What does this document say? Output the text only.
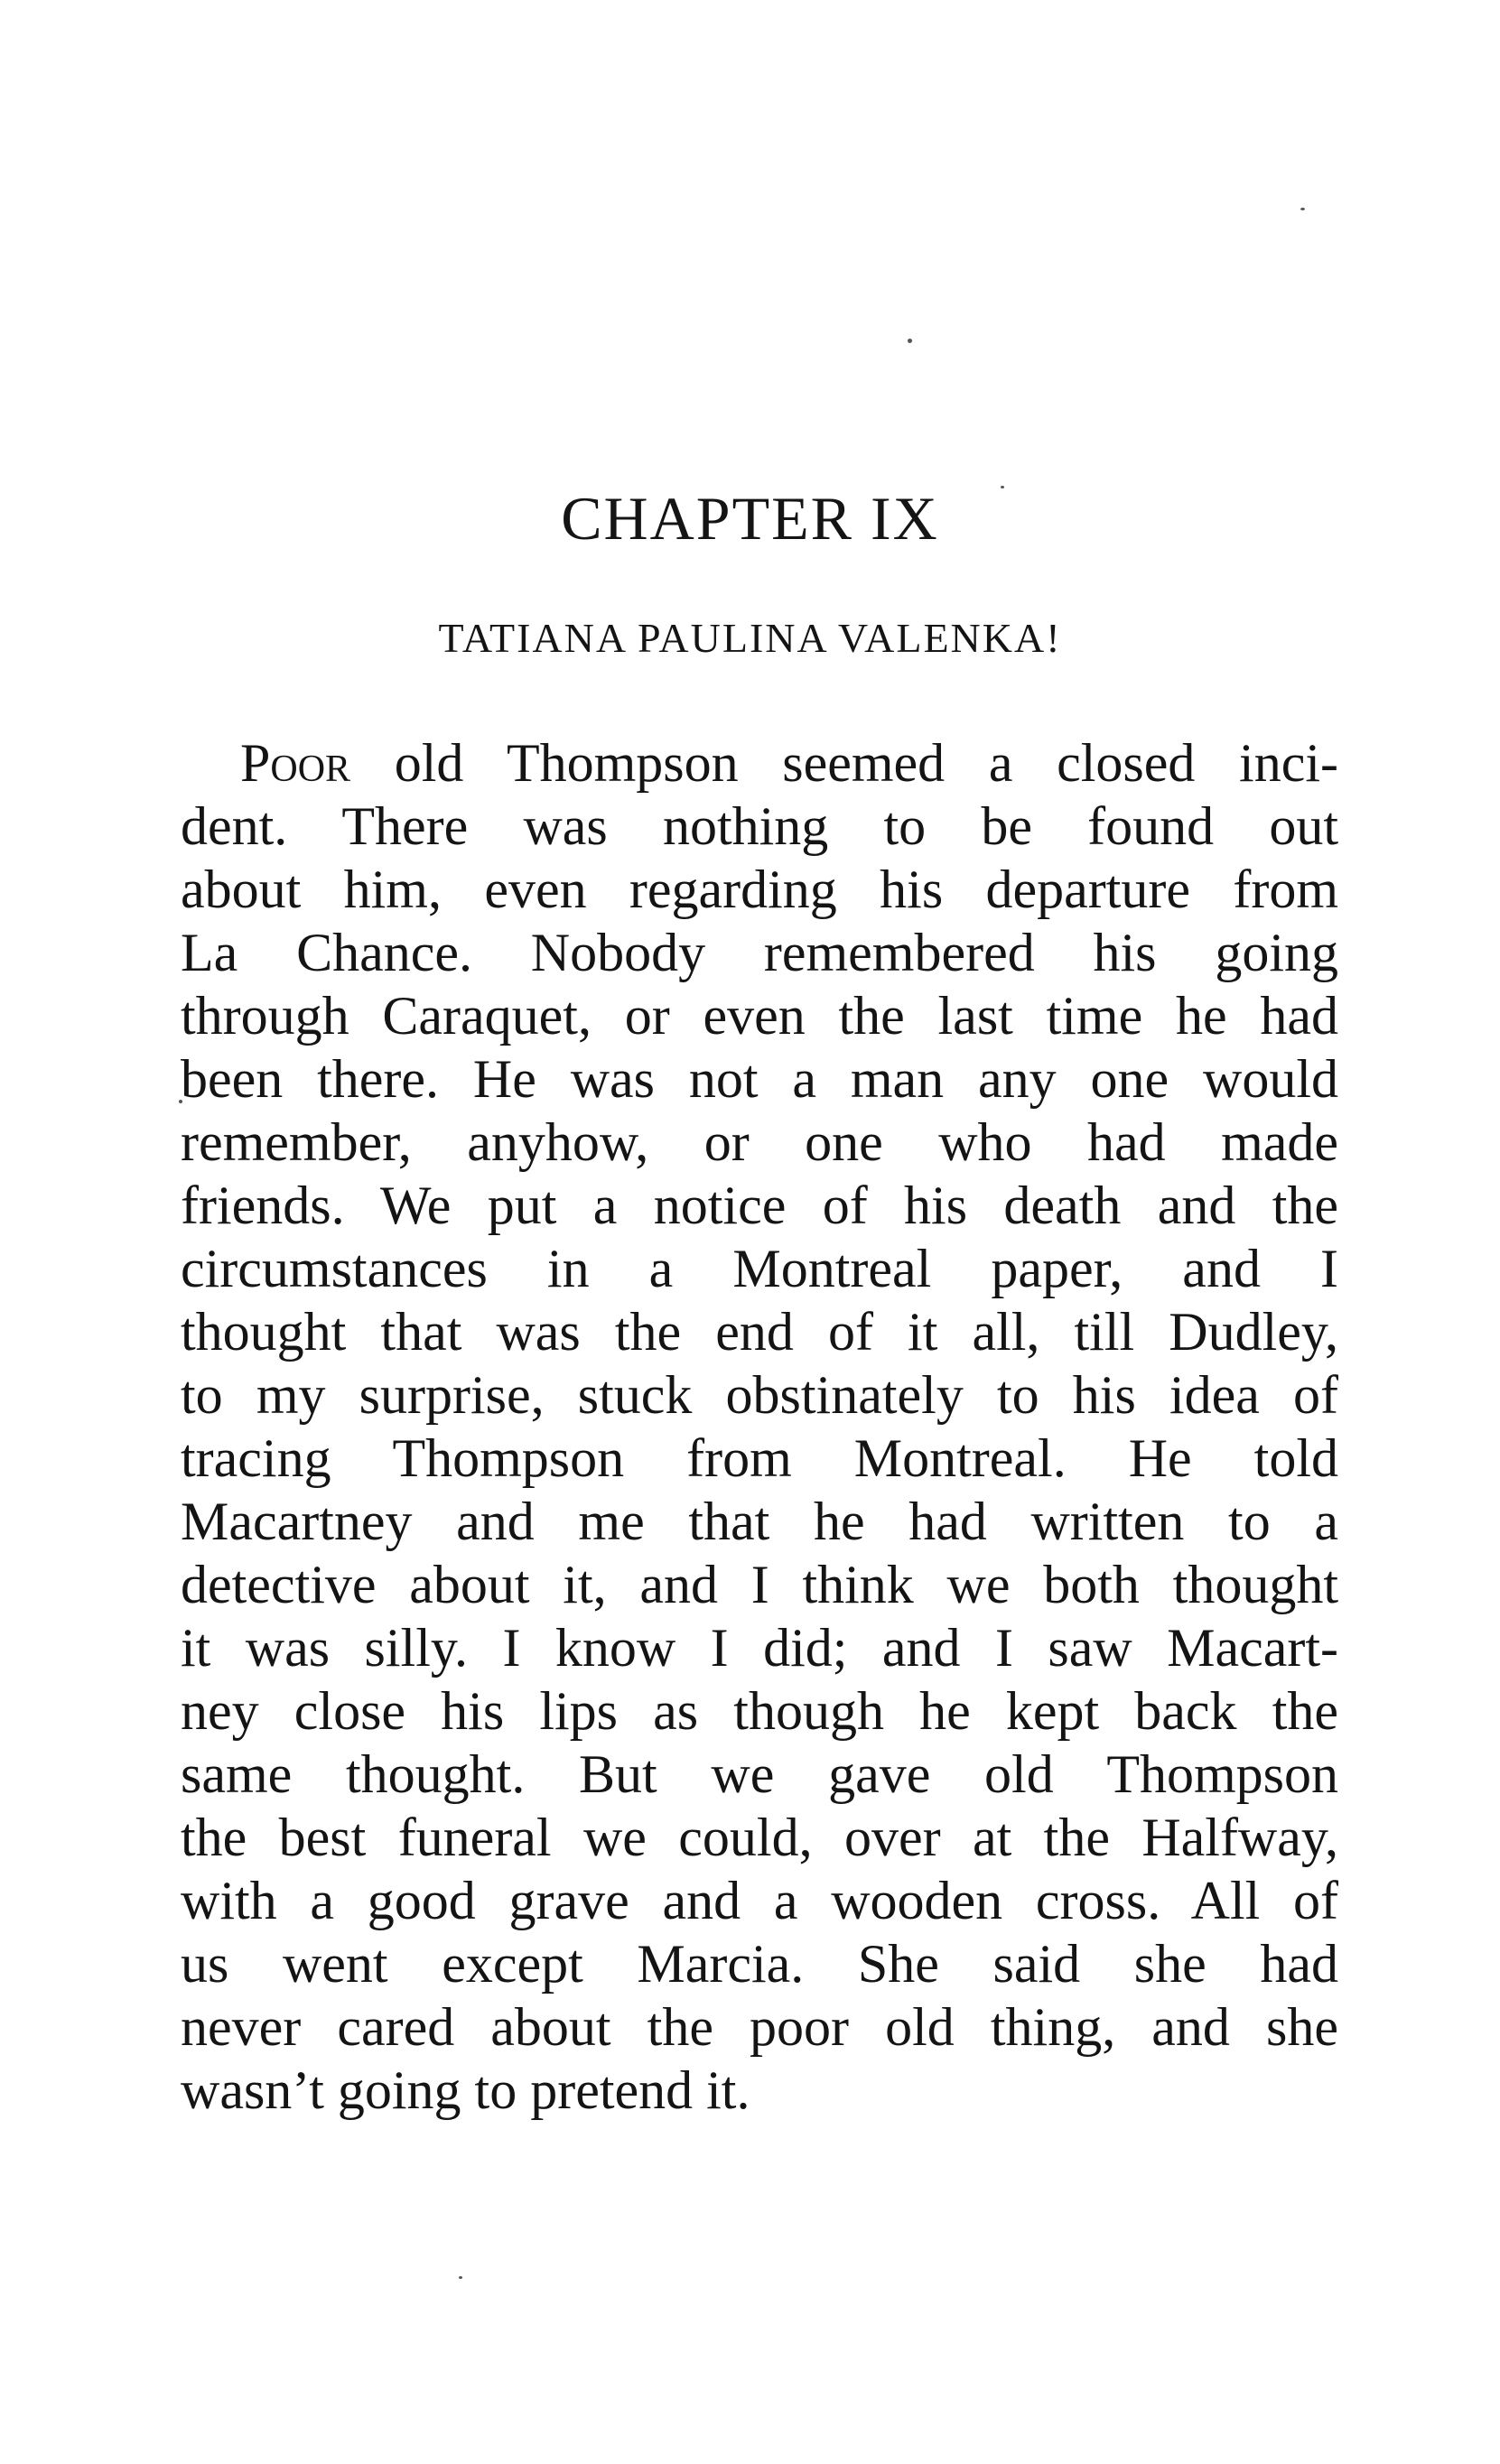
CHAPTER IX
TATIANA PAULINA VALENKA!
Poor old Thompson seemed a closed inci-
dent. There was nothing to be found out
about him, even regarding his departure from
La Chance. Nobody remembered his going
through Caraquet, or even the last time he had
been there. He was not a man any one would
remember, anyhow, or one who had made
friends. We put a notice of his death and the
circumstances in a Montreal paper, and I
thought that was the end of it all, till Dudley,
to my surprise, stuck obstinately to his idea of
tracing Thompson from Montreal. He told
Macartney and me that he had written to a
detective about it, and I think we both thought
it was silly. I know I did; and I saw Macart-
ney close his lips as though he kept back the
same thought. But we gave old Thompson
the best funeral we could, over at the Halfway,
with a good grave and a wooden cross. All of
us went except Marcia. She said she had
never cared about the poor old thing, and she
wasn’t going to pretend it.
